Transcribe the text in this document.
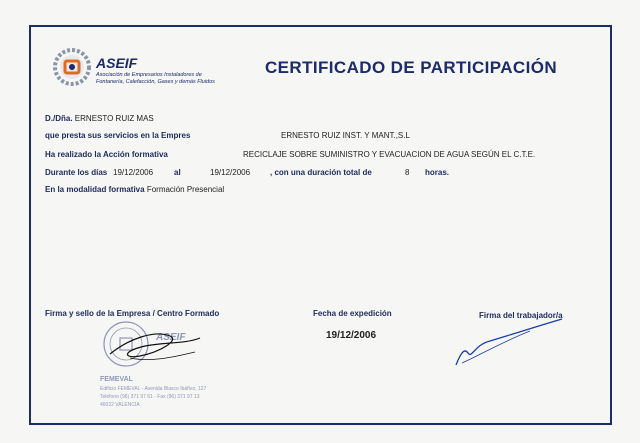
ASEIF
Asociación de Empresarios Instaladores de Fontanería, Calefacción, Gases y demás Fluidos
CERTIFICADO DE PARTICIPACIÓN
D./Dña. ERNESTO RUIZ MAS
que presta sus servicios en la Empres	ERNESTO RUIZ INST. Y MANT.,S.L
Ha realizado la Acción formativa	RECICLAJE SOBRE SUMINISTRO Y EVACUACION DE AGUA SEGÚN EL C.T.E.
Durante los días 19/12/2006	al	19/12/2006 , con una duración total de	8 horas.
En la modalidad formativa Formación Presencial
Firma y sello de la Empresa / Centro Formado	Fecha de expedición
19/12/2006
Firma del trabajador/a
ASEIF
FEMEVAL
Edificio FEMEVAL - Avenida Blasco Ibáñez, 127
Teléfono (96) 371 97 61 - Fax (96) 371 97 13
46022 VALENCIA
